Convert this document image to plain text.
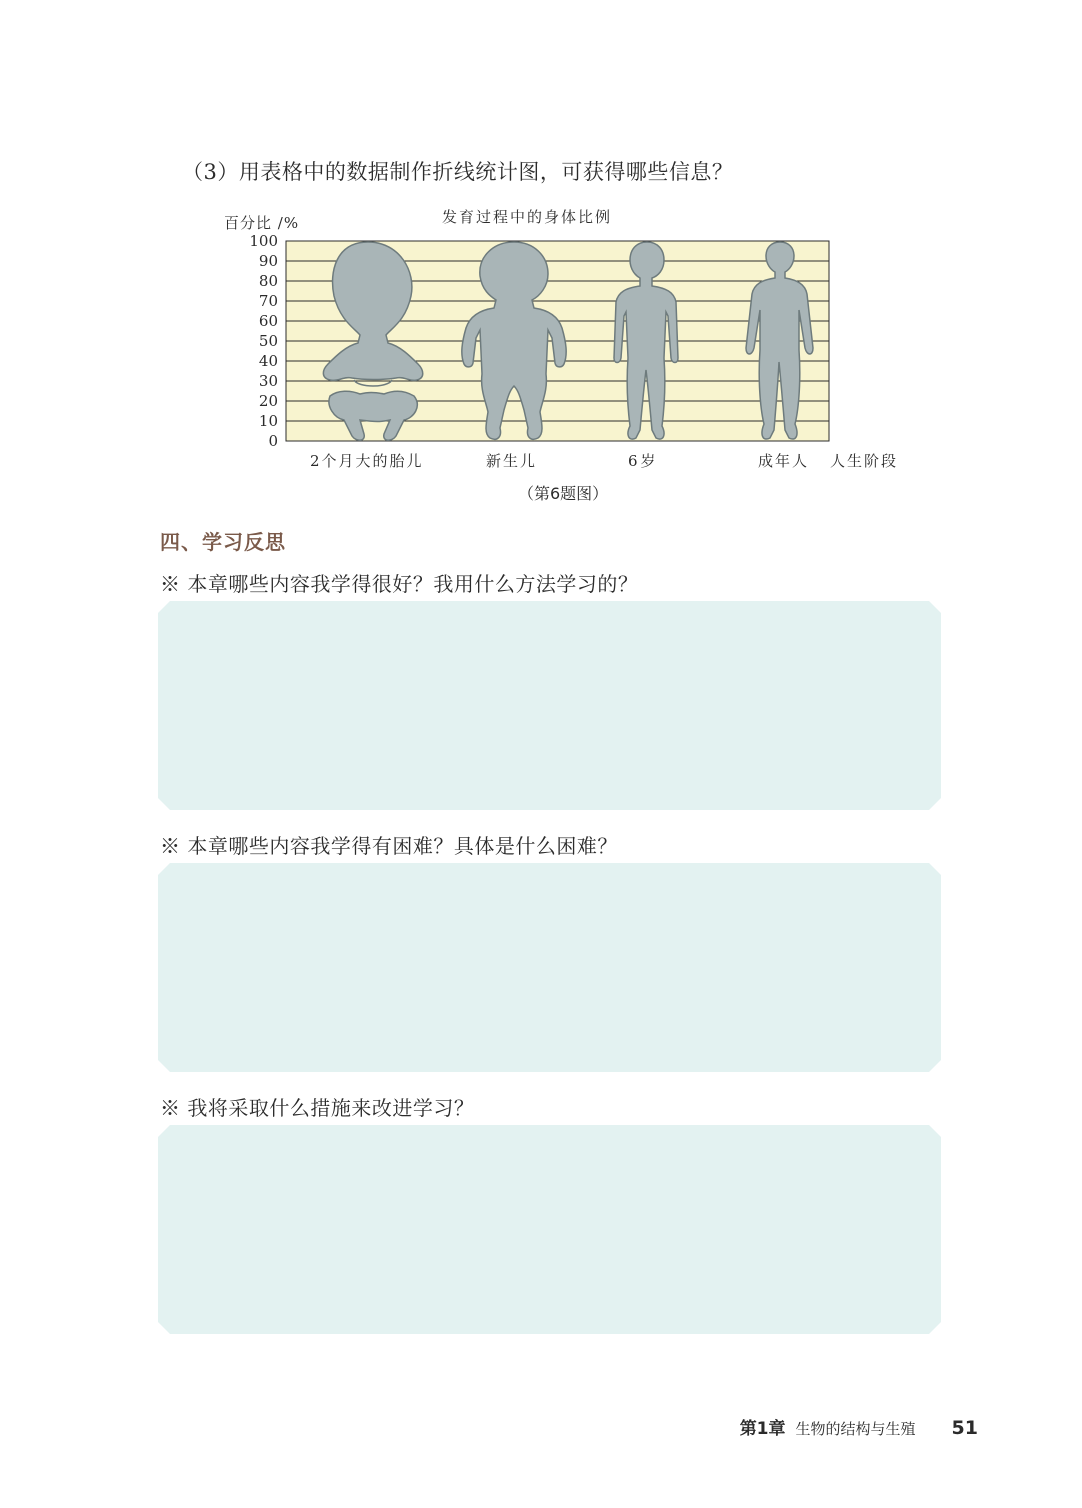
（3）用表格中的数据制作折线统计图，可获得哪些信息？
发育过程中的身体比例
百分比 /%
100
90
80
70
60
50
40
30
20
10
0
2个月大的胎儿	新生儿	6岁	成年人 人生阶段
（第6题图）
四、学习反思
※ 本章哪些内容我学得很好？我用什么方法学习的？
※ 本章哪些内容我学得有困难？具体是什么困难？
※ 我将采取什么措施来改进学习？
第1章 生物的结构与生殖 51
